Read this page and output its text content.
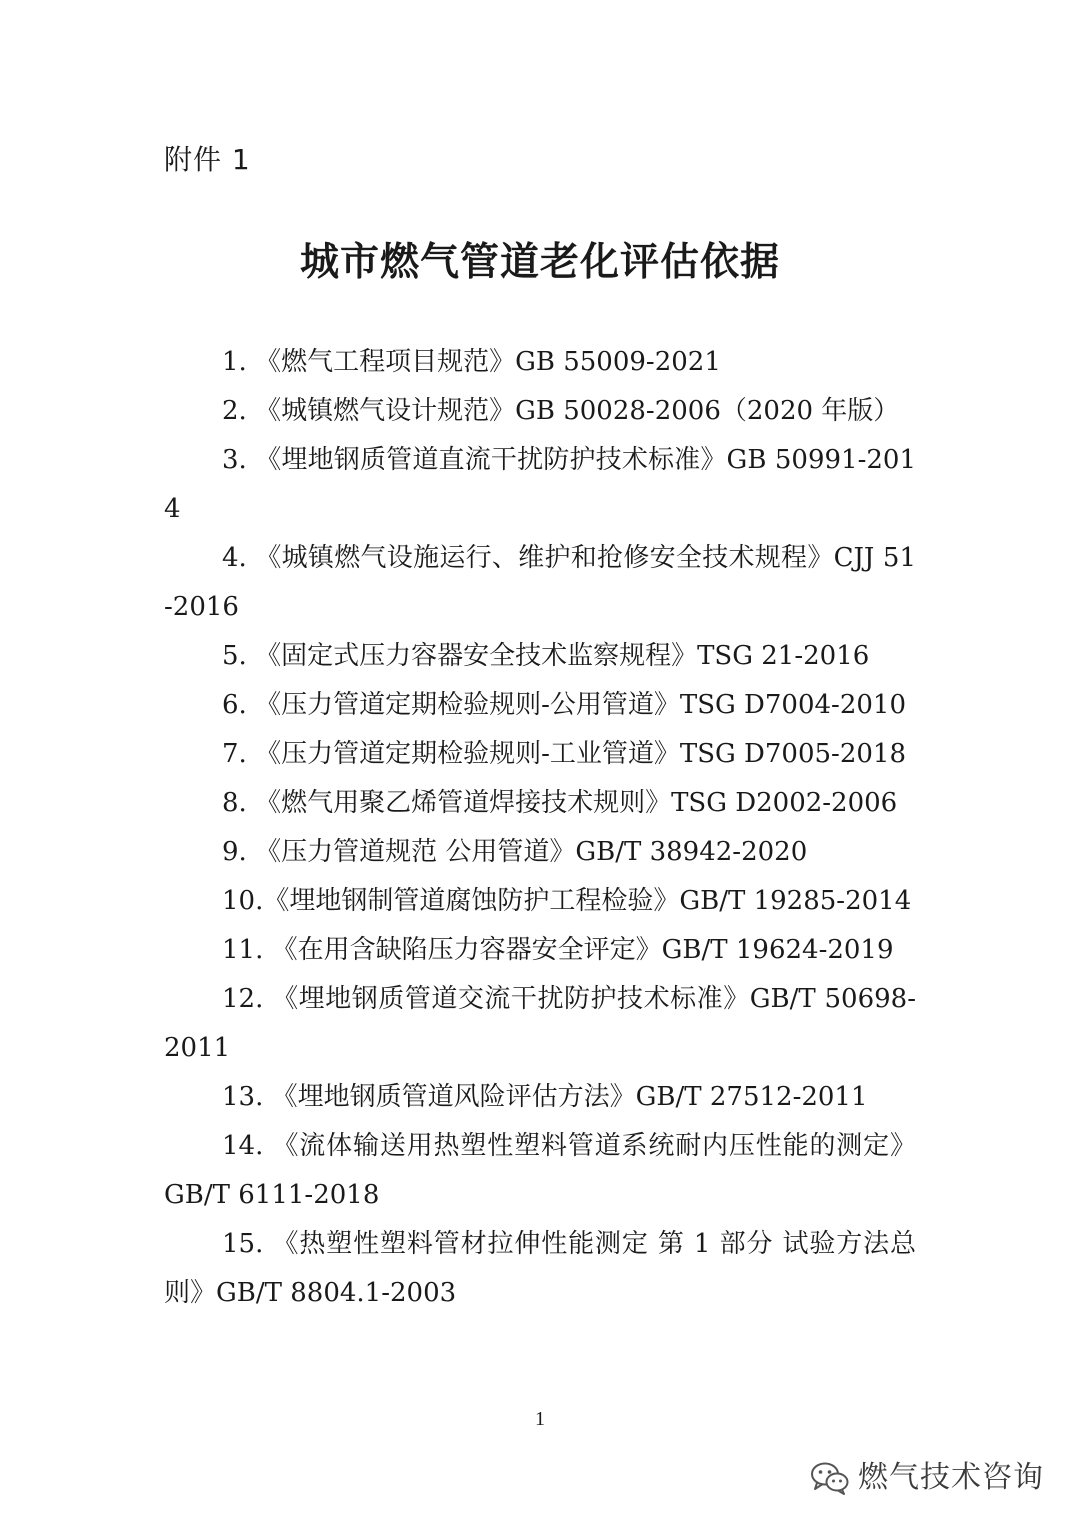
附件 1
城市燃气管道老化评估依据
1. 《燃气工程项目规范》GB 55009-2021
2. 《城镇燃气设计规范》GB 50028-2006（2020 年版）
3. 《埋地钢质管道直流干扰防护技术标准》GB 50991-2014
4. 《城镇燃气设施运行、维护和抢修安全技术规程》CJJ 51-2016
5. 《固定式压力容器安全技术监察规程》TSG 21-2016
6. 《压力管道定期检验规则-公用管道》TSG D7004-2010
7. 《压力管道定期检验规则-工业管道》TSG D7005-2018
8. 《燃气用聚乙烯管道焊接技术规则》TSG D2002-2006
9. 《压力管道规范 公用管道》GB/T 38942-2020
10.《埋地钢制管道腐蚀防护工程检验》GB/T 19285-2014
11. 《在用含缺陷压力容器安全评定》GB/T 19624-2019
12. 《埋地钢质管道交流干扰防护技术标准》GB/T 50698-2011
13. 《埋地钢质管道风险评估方法》GB/T 27512-2011
14. 《流体输送用热塑性塑料管道系统耐内压性能的测定》GB/T 6111-2018
15. 《热塑性塑料管材拉伸性能测定 第 1 部分 试验方法总则》GB/T 8804.1-2003
1
燃气技术咨询
